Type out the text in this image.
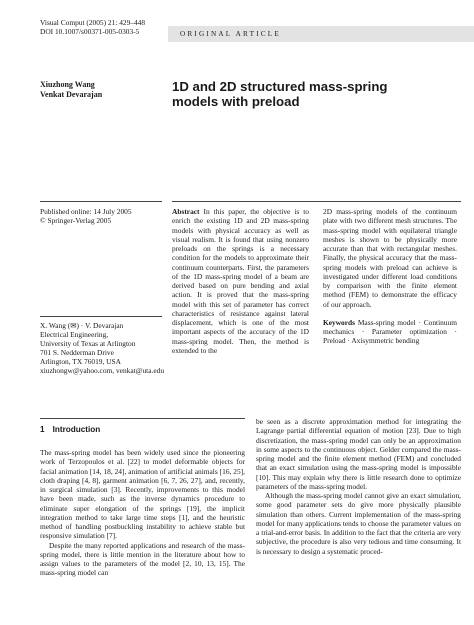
Visual Comput (2005) 21: 429–448
DOI 10.1007/s00371-005-0303-5	ORIGINAL ARTICLE
Xiuzhong Wang
Venkat Devarajan
1D and 2D structured mass-spring models with preload
Published online: 14 July 2005
© Springer-Verlag 2005
X. Wang (✉) · V. Devarajan
Electrical Engineering,
University of Texas at Arlington
701 S. Nedderman Drive
Arlington, TX 76019, USA
xiuzhongw@yahoo.com, venkat@uta.edu
Abstract In this paper, the objective is to enrich the existing 1D and 2D mass-spring models with physical accuracy as well as visual realism. It is found that using nonzero preloads on the springs is a necessary condition for the models to approximate their continuum counterparts. First, the parameters of the 1D mass-spring model of a beam are derived based on pure bending and axial action. It is proved that the mass-spring model with this set of parameter has correct characteristics of resistance against lateral displacement, which is one of the most important aspects of the accuracy of the 1D mass-spring model. Then, the method is extended to the

2D mass-spring models of the continuum plate with two different mesh structures. The mass-spring model with equilateral triangle meshes is shown to be physically more accurate than that with rectangular meshes. Finally, the physical accuracy that the mass-spring models with preload can achieve is investigated under different load conditions by comparison with the finite element method (FEM) to demonstrate the efficacy of our approach.

Keywords Mass-spring model · Continuum mechanics · Parameter optimization · Preload · Axisymmetric bending

1 Introduction

The mass-spring model has been widely used since the pioneering work of Terzopoulos et al. [22] to model deformable objects for facial animation [14, 18, 24], animation of artificial animals [16, 25], cloth draping [4, 8], garment animation [6, 7, 26, 27], and, recently, in surgical simulation [3]. Recently, improvements to this model have been made, such as the inverse dynamics procedure to eliminate super elongation of the springs [19], the implicit integration method to take large time steps [1], and the heuristic method of handling postbuckling instability to achieve stable but responsive simulation [7].

Despite the many reported applications and research of the mass-spring model, there is little mention in the literature about how to assign values to the parameters of the model [2, 10, 13, 15]. The mass-spring model can

be seen as a discrete approximation method for integrating the Lagrange partial differential equation of motion [23]. Due to high discretization, the mass-spring model can only be an approximation in some aspects to the continuous object. Gelder compared the mass-spring model and the finite element method (FEM) and concluded that an exact simulation using the mass-spring model is impossible [10]. This may explain why there is little research done to optimize parameters of the mass-spring model.

Although the mass-spring model cannot give an exact simulation, some good parameter sets do give more physically plausible simulation than others. Current implementation of the mass-spring model for many applications tends to choose the parameter values on a trial-and-error basis. In addition to the fact that the criteria are very subjective, the procedure is also very tedious and time consuming. It is necessary to design a systematic proced-
